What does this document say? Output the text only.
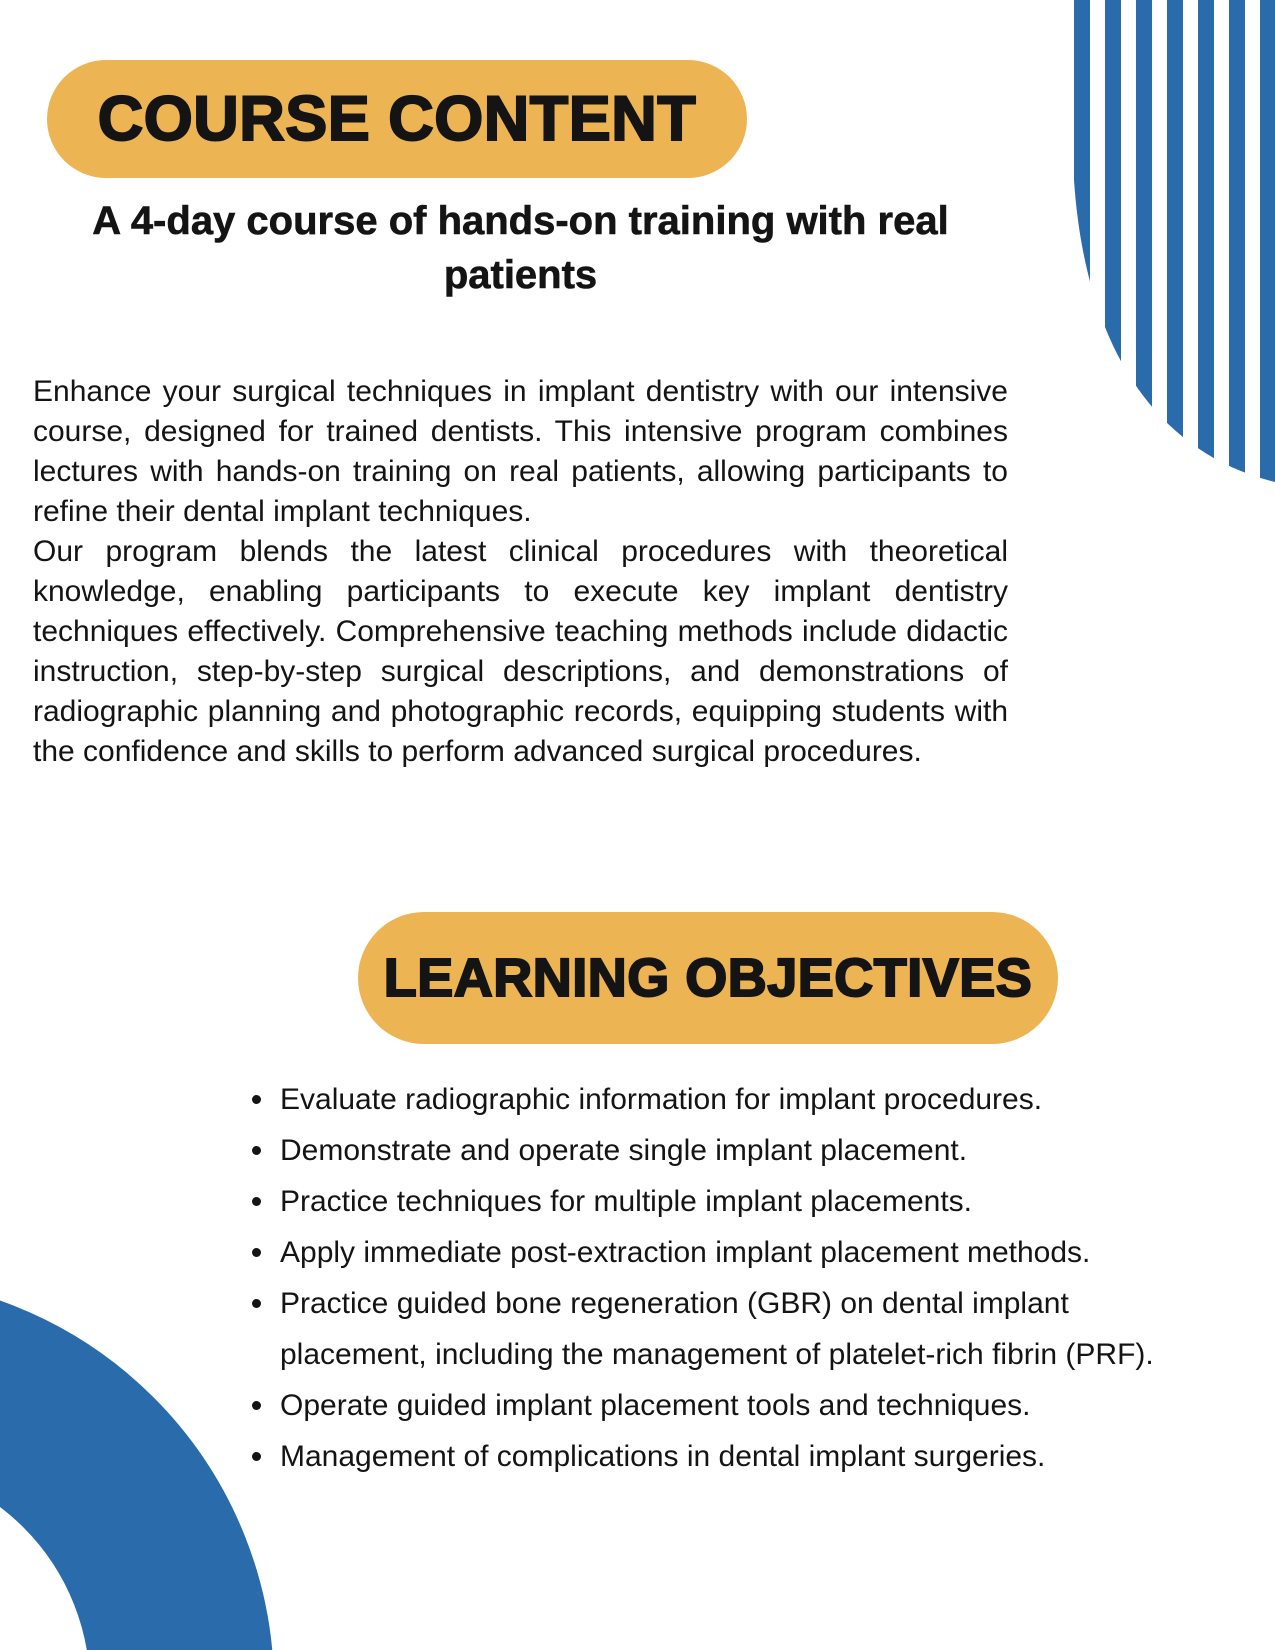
COURSE CONTENT
A 4-day course of hands-on training with real patients

Enhance your surgical techniques in implant dentistry with our intensive course, designed for trained dentists. This intensive program combines lectures with hands-on training on real patients, allowing participants to refine their dental implant techniques.

Our program blends the latest clinical procedures with theoretical knowledge, enabling participants to execute key implant dentistry techniques effectively. Comprehensive teaching methods include didactic instruction, step-by-step surgical descriptions, and demonstrations of radiographic planning and photographic records, equipping students with the confidence and skills to perform advanced surgical procedures.

LEARNING OBJECTIVES
Evaluate radiographic information for implant procedures.
Demonstrate and operate single implant placement.
Practice techniques for multiple implant placements.
Apply immediate post-extraction implant placement methods.
Practice guided bone regeneration (GBR) on dental implant placement, including the management of platelet-rich fibrin (PRF).
Operate guided implant placement tools and techniques.
Management of complications in dental implant surgeries.
